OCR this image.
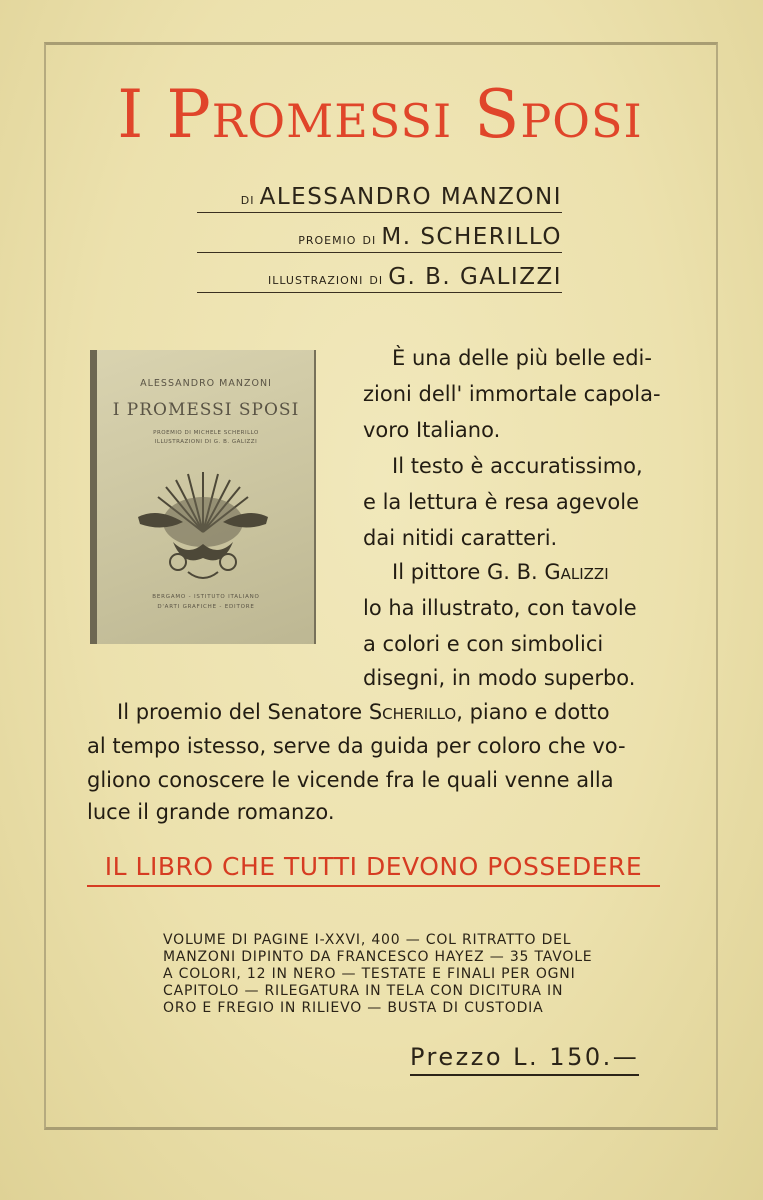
I Promessi Sposi
di ALESSANDRO MANZONI
proemio di M. SCHERILLO
illustrazioni di G. B. GALIZZI
ALESSANDRO MANZONI
I PROMESSI SPOSI
PROEMIO DI MICHELE SCHERILLO
ILLUSTRAZIONI DI G. B. GALIZZI
BERGAMO - ISTITUTO ITALIANO
D'ARTI GRAFICHE - EDITORE

È una delle più belle edi-

zioni dell' immortale capola-

voro Italiano.

Il testo è accuratissimo,

e la lettura è resa agevole

dai nitidi caratteri.

Il pittore G. B. Galizzi

lo ha illustrato, con tavole

a colori e con simbolici

disegni, in modo superbo.

Il proemio del Senatore Scherillo, piano e dotto

al tempo istesso, serve da guida per coloro che vo-

gliono conoscere le vicende fra le quali venne alla

luce il grande romanzo.

IL LIBRO CHE TUTTI DEVONO POSSEDERE
VOLUME DI PAGINE I-XXVI, 400 — COL RITRATTO DEL
MANZONI DIPINTO DA FRANCESCO HAYEZ — 35 TAVOLE
A COLORI, 12 IN NERO — TESTATE E FINALI PER OGNI
CAPITOLO — RILEGATURA IN TELA CON DICITURA IN
ORO E FREGIO IN RILIEVO — BUSTA DI CUSTODIA
Prezzo L. 150.—
